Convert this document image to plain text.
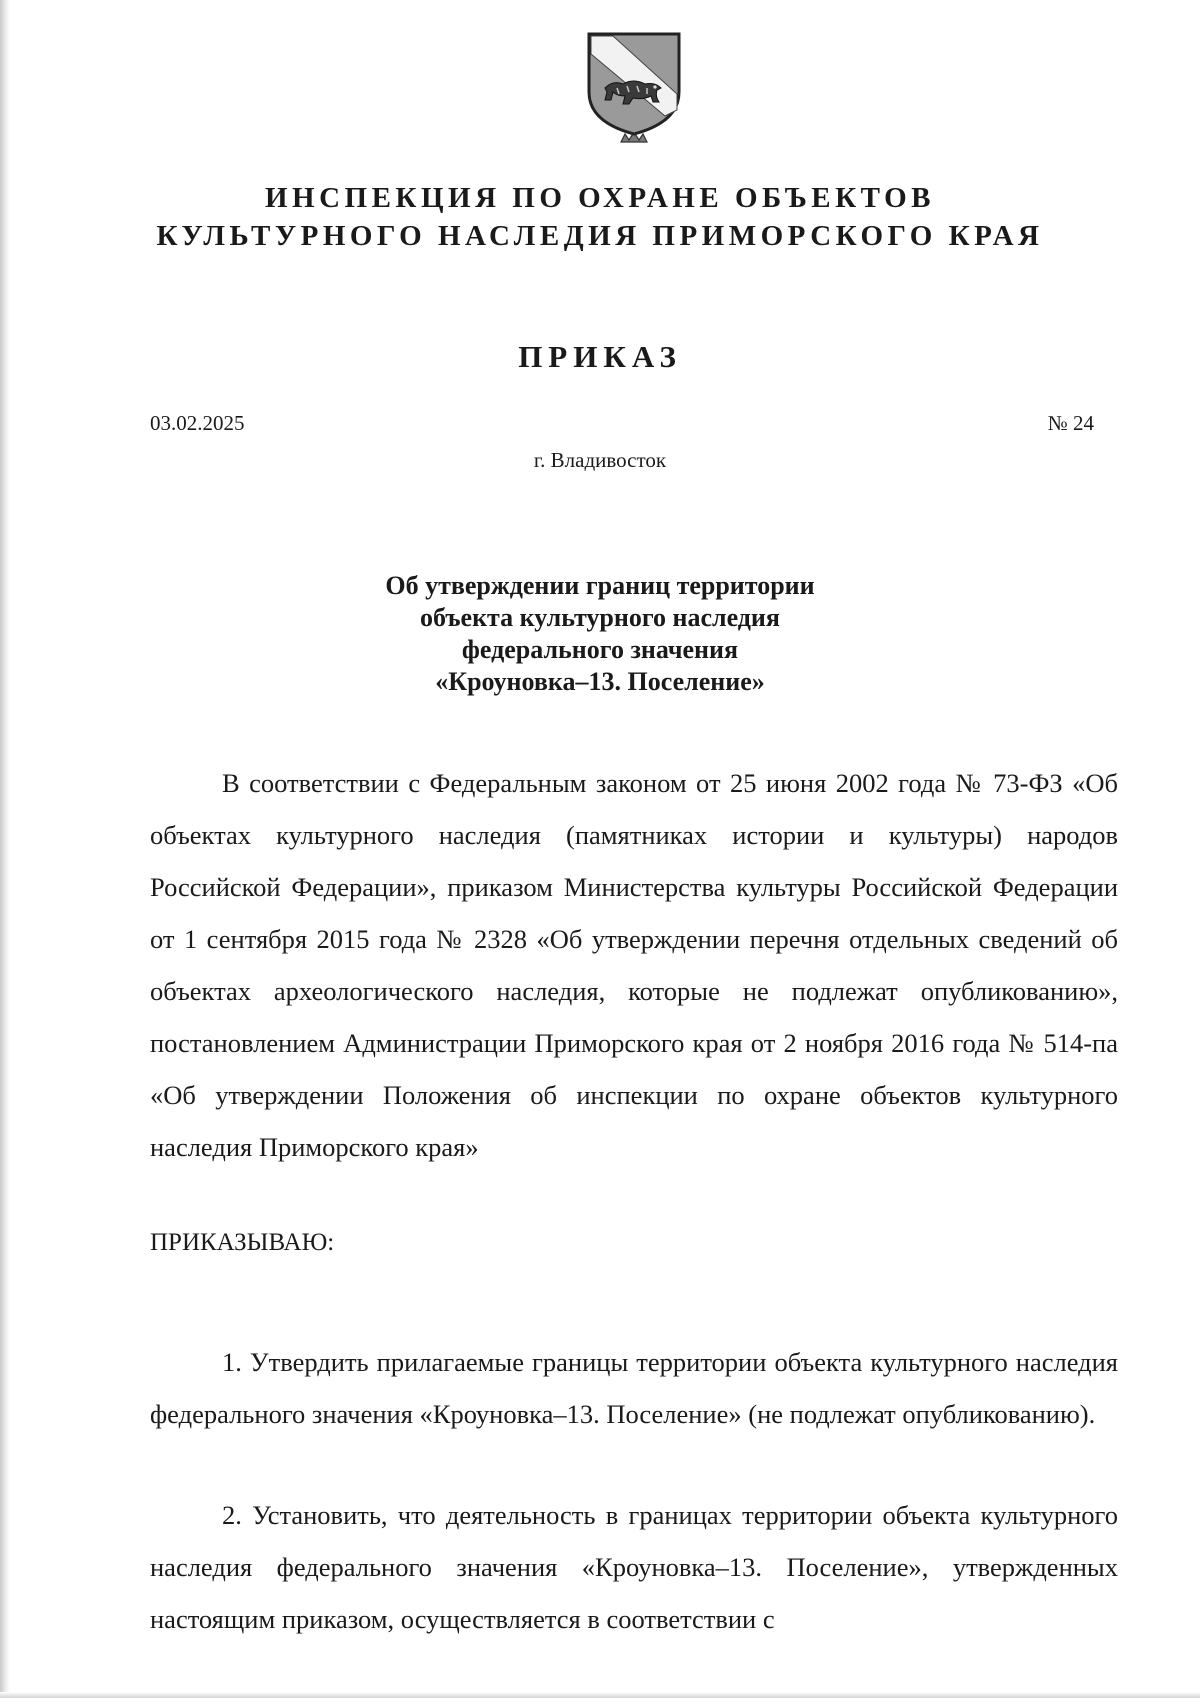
ИНСПЕКЦИЯ ПО ОХРАНЕ ОБЪЕКТОВ
КУЛЬТУРНОГО НАСЛЕДИЯ ПРИМОРСКОГО КРАЯ
ПРИКАЗ
03.02.2025	№ 24
г. Владивосток
Об утверждении границ территории
объекта культурного наследия
федерального значения
«Кроуновка–13. Поселение»

В соответствии с Федеральным законом от 25 июня 2002 года № 73-ФЗ «Об объектах культурного наследия (памятниках истории и культуры) народов Российской Федерации», приказом Министерства культуры Российской Федерации от 1 сентября 2015 года № 2328 «Об утверждении перечня отдельных сведений об объектах археологического наследия, которые не подлежат опубликованию», постановлением Администрации Приморского края от 2 ноября 2016 года № 514-па «Об утверждении Положения об инспекции по охране объектов культурного наследия Приморского края»

ПРИКАЗЫВАЮ:

1. Утвердить прилагаемые границы территории объекта культурного наследия федерального значения «Кроуновка–13. Поселение» (не подлежат опубликованию).

2. Установить, что деятельность в границах территории объекта культурного наследия федерального значения «Кроуновка–13. Поселение», утвержденных настоящим приказом, осуществляется в соответствии с
